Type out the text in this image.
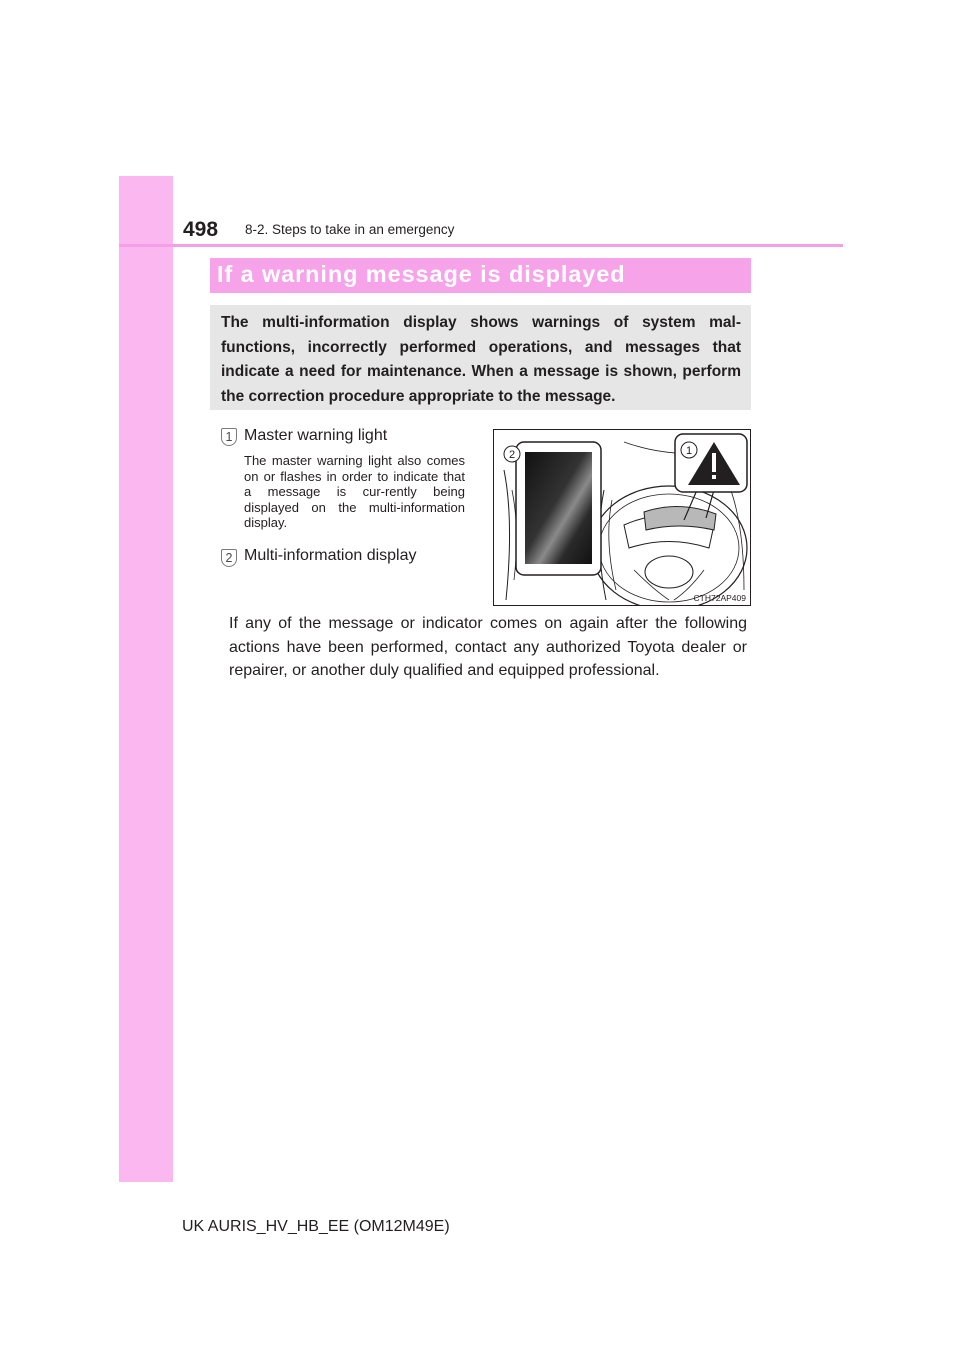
498 8-2. Steps to take in an emergency
If a warning message is displayed

The multi-information display shows warnings of system mal-functions, incorrectly performed operations, and messages that indicate a need for maintenance. When a message is shown, perform the correction procedure appropriate to the message.

1 Master warning light

The master warning light also comes on or flashes in order to indicate that a message is cur-rently being displayed on the multi-information display.

2 Multi-information display
2	1
CTH72AP409

If any of the message or indicator comes on again after the following actions have been performed, contact any authorized Toyota dealer or repairer, or another duly qualified and equipped professional.

UK AURIS_HV_HB_EE (OM12M49E)
